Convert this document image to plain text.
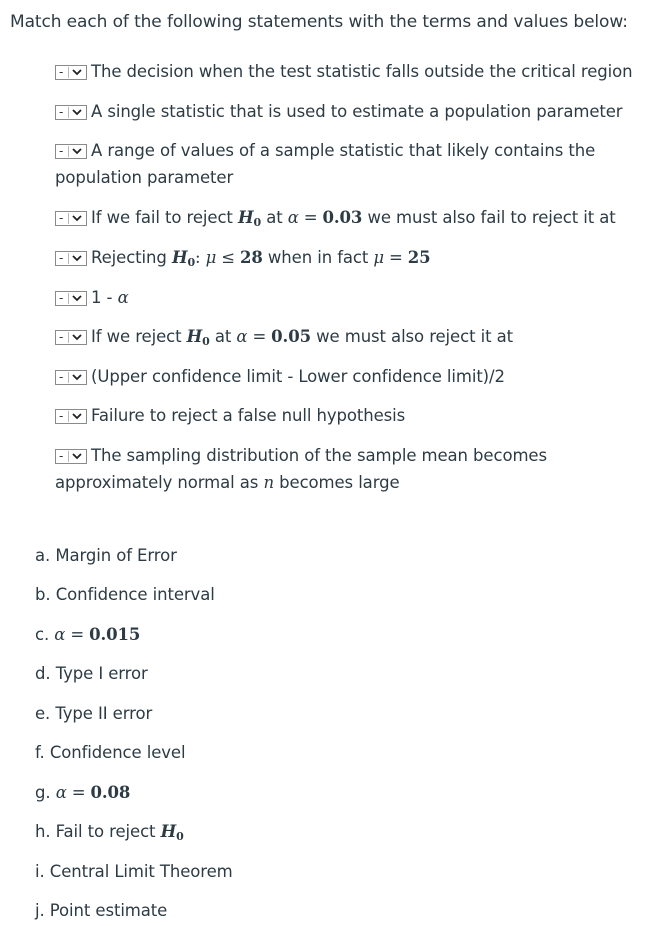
Match each of the following statements with the terms and values below:
- The decision when the test statistic falls outside the critical region
- A single statistic that is used to estimate a population parameter
- A range of values of a sample statistic that likely contains the population parameter
- If we fail to reject $H_0$ at α = 0.03 we must also fail to reject it at
- Rejecting $H_0$: μ ≤ 28 when in fact μ = 25
- 1 - α
- If we reject $H_0$ at α = 0.05 we must also reject it at
- (Upper confidence limit - Lower confidence limit)/2
- Failure to reject a false null hypothesis
- The sampling distribution of the sample mean becomes approximately normal as n becomes large
a. Margin of Error
b. Confidence interval
c. α = 0.015
d. Type I error
e. Type II error
f. Confidence level
g. α = 0.08
h. Fail to reject $H_0$
i. Central Limit Theorem
j. Point estimate
